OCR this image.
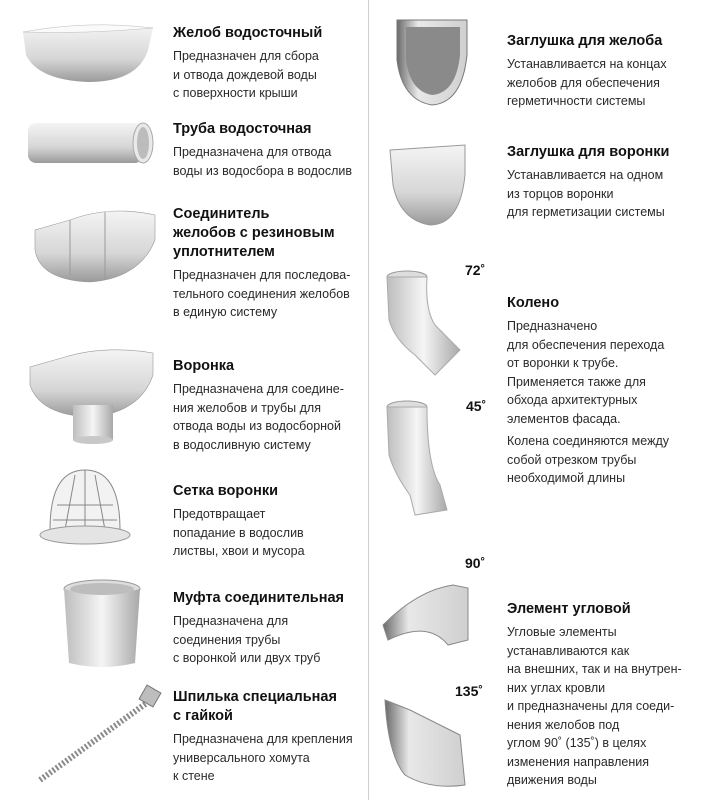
72˚
45˚
90˚
135˚
Желоб водосточный
Предназначен для сбора
и отвода дождевой воды
с поверхности крыши
Труба водосточная
Предназначена для отвода
воды из водосбора в водослив
Соединитель
желобов с резиновым
уплотнителем
Предназначен для последова-
тельного соединения желобов
в единую систему
Воронка
Предназначена для соедине-
ния желобов и трубы для
отвода воды из водосборной
в водосливную систему
Сетка воронки
Предотвращает
попадание в водослив
листвы, хвои и мусора
Муфта соединительная
Предназначена для
соединения трубы
с воронкой или двух труб
Шпилька специальная
с гайкой
Предназначена для крепления
универсального хомута
к стене
Заглушка для желоба
Устанавливается на концах
желобов для обеспечения
герметичности системы
Заглушка для воронки
Устанавливается на одном
из торцов воронки
для герметизации системы
Колено
Предназначено
для обеспечения перехода
от воронки к трубе.
Применяется также для
обхода архитектурных
элементов фасада.
Колена соединяются между
собой отрезком трубы
необходимой длины
Элемент угловой
Угловые элементы
устанавливаются как
на внешних, так и на внутрен-
них углах кровли
и предназначены для соеди-
нения желобов под
углом 90˚ (135˚) в целях
изменения направления
движения воды
